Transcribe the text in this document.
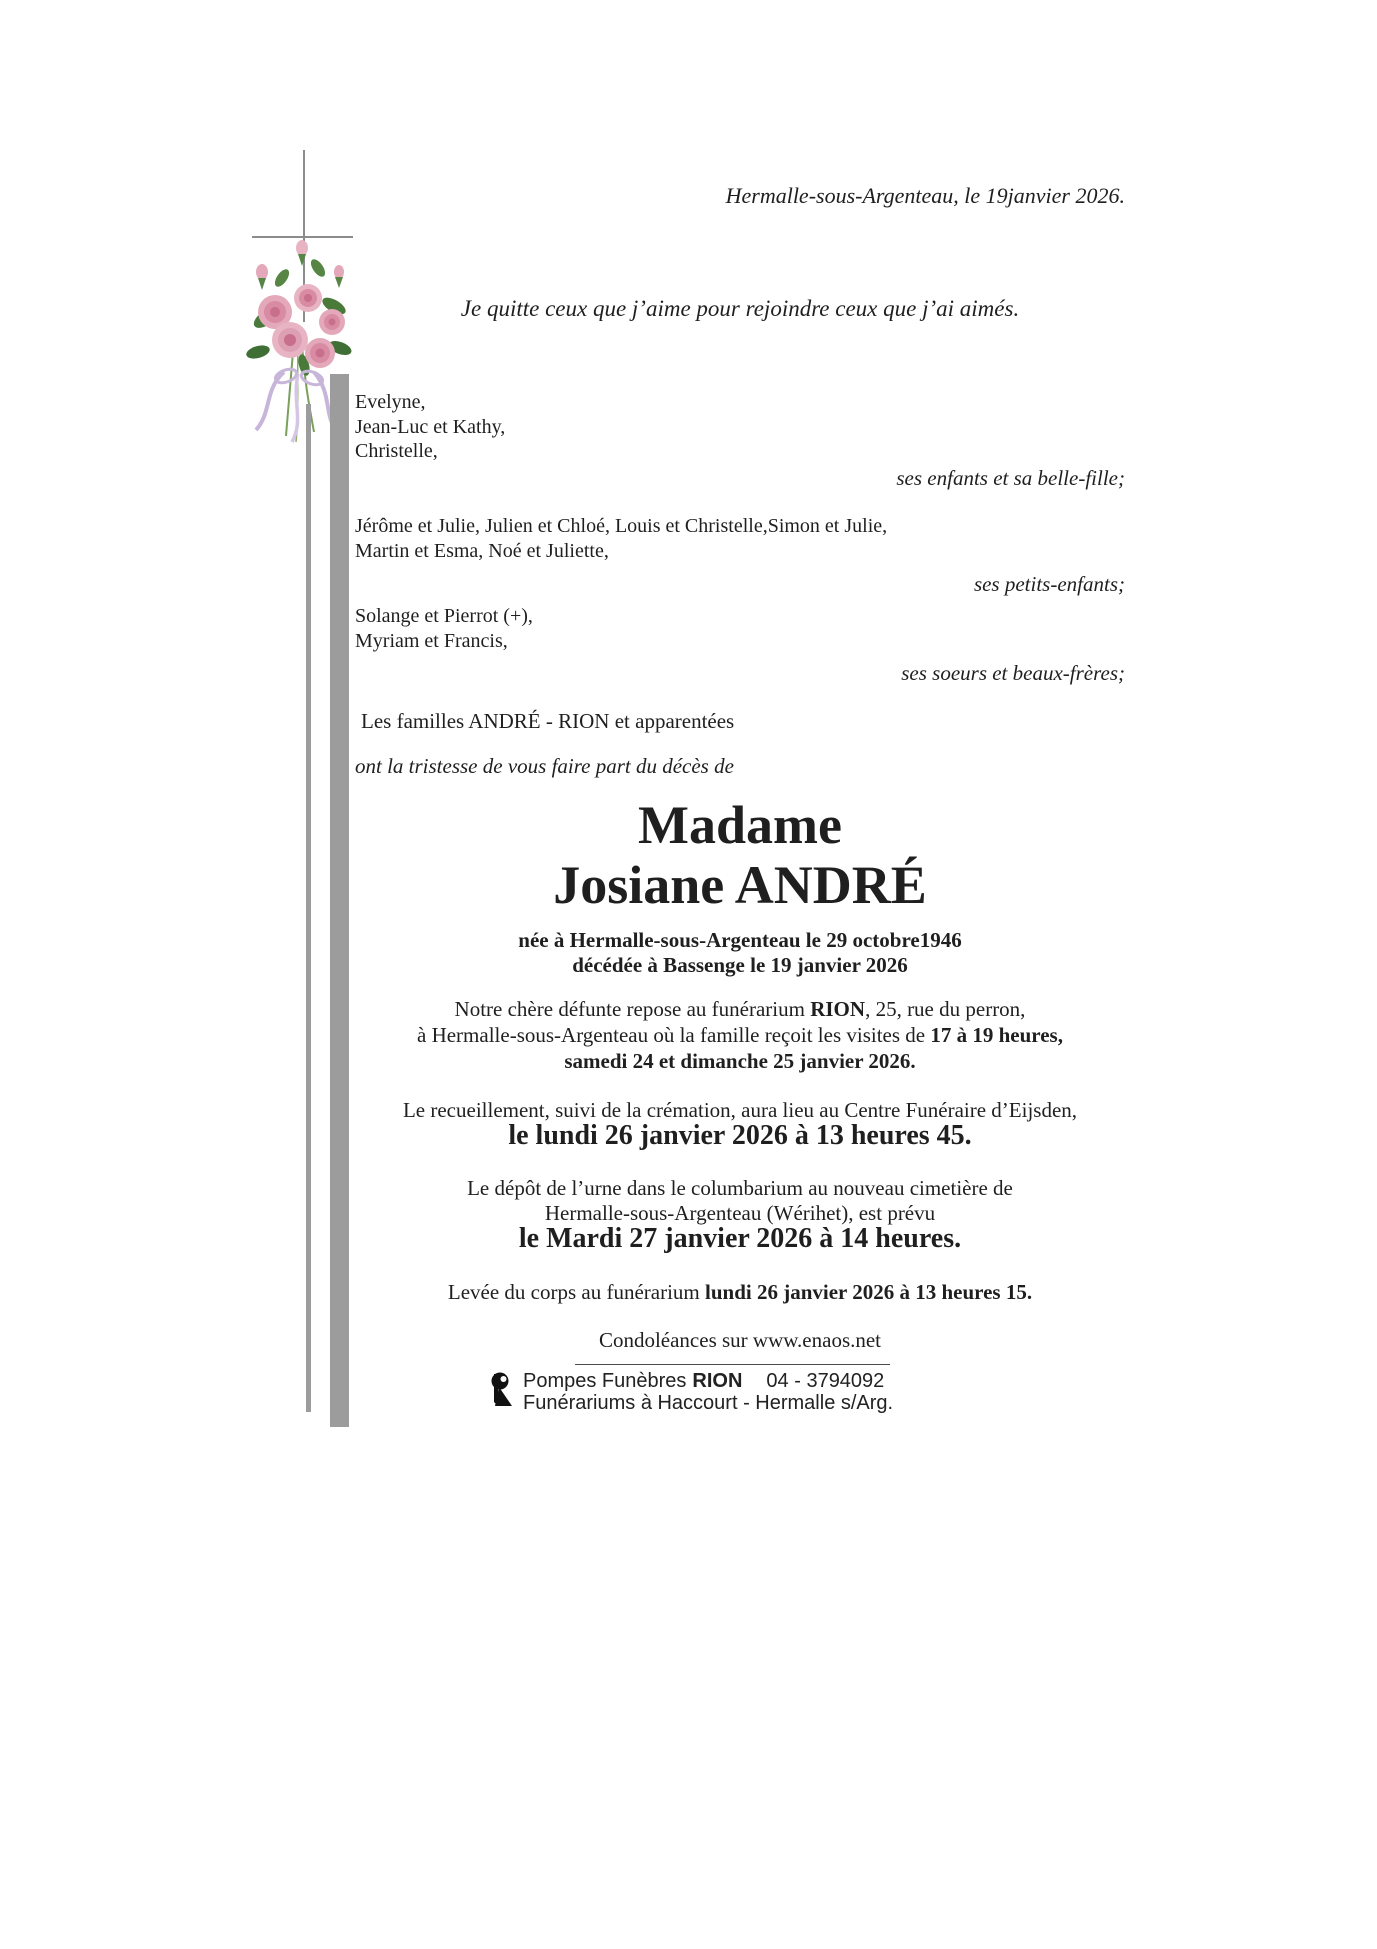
Hermalle-sous-Argenteau, le 19janvier 2026.
Je quitte ceux que j’aime pour rejoindre ceux que j’ai aimés.
Evelyne,
Jean-Luc et Kathy,
Christelle,
ses enfants et sa belle-fille;
Jérôme et Julie, Julien et Chloé, Louis et Christelle,Simon et Julie,
Martin et Esma, Noé et Juliette,
ses petits-enfants;
Solange et Pierrot (+),
Myriam et Francis,
ses soeurs et beaux-frères;
Les familles ANDRÉ - RION et apparentées
ont la tristesse de vous faire part du décès de
Madame
Josiane ANDRÉ
née à Hermalle-sous-Argenteau le 29 octobre1946
décédée à Bassenge le 19 janvier 2026
Notre chère défunte repose au funérarium RION, 25, rue du perron,
à Hermalle-sous-Argenteau où la famille reçoit les visites de 17 à 19 heures,
samedi 24 et dimanche 25 janvier 2026.
Le recueillement, suivi de la crémation, aura lieu au Centre Funéraire d’Eijsden,
le lundi 26 janvier 2026 à 13 heures 45.
Le dépôt de l’urne dans le columbarium au nouveau cimetière de
Hermalle-sous-Argenteau (Wérihet), est prévu
le Mardi 27 janvier 2026 à 14 heures.
Levée du corps au funérarium lundi 26 janvier 2026 à 13 heures 15.
Condoléances sur www.enaos.net
Pompes Funèbres RION 04 - 3794092
Funérariums à Haccourt - Hermalle s/Arg.
